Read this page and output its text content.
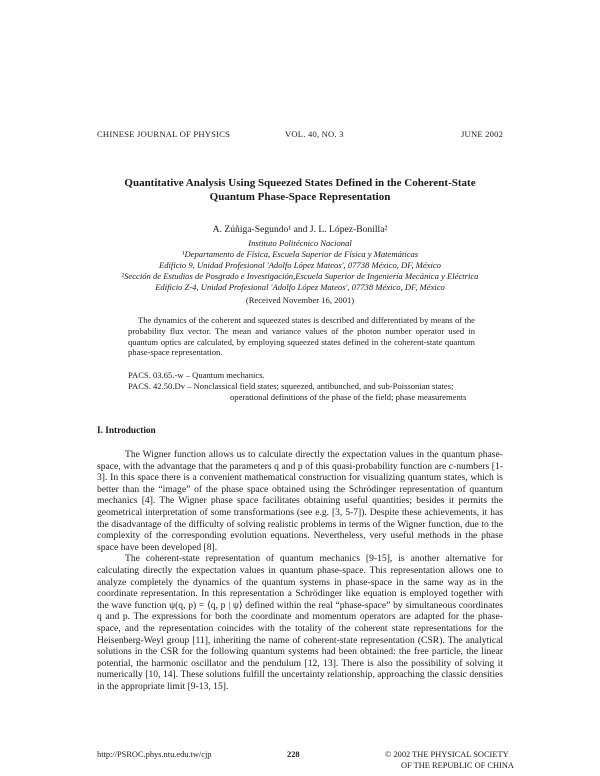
CHINESE JOURNAL OF PHYSICS	VOL. 40, NO. 3	JUNE 2002
Quantitative Analysis Using Squeezed States Defined in the Coherent-State
Quantum Phase-Space Representation
A. Zúñiga-Segundo¹ and J. L. López-Bonilla²
Instituto Politécnico Nacional
¹Departamento de Física, Escuela Superior de Física y Matemáticas
Edificio 9, Unidad Profesional 'Adolfo López Mateos', 07738 México, DF, México
²Sección de Estudios de Posgrado e Investigación,Escuela Superior de Ingeniería Mecánica y Eléctrica
Edificio Z-4, Unidad Profesional 'Adolfo López Mateos', 07738 México, DF, México
(Received November 16, 2001)
The dynamics of the coherent and squeezed states is described and differentiated by means of the probability flux vector. The mean and variance values of the photon number operator used in quantum optics are calculated, by employing squeezed states defined in the coherent-state quantum phase-space representation.
PACS. 03.65.-w – Quantum mechanics.
PACS. 42.50.Dv – Nonclassical field states; squeezed, antibunched, and sub-Poissonian states;
operational definitions of the phase of the field; phase measurements
I. Introduction

The Wigner function allows us to calculate directly the expectation values in the quantum phase-space, with the advantage that the parameters q and p of this quasi-probability function are c-numbers [1-3]. In this space there is a convenient mathematical construction for visualizing quantum states, which is better than the “image” of the phase space obtained using the Schrödinger representation of quantum mechanics [4]. The Wigner phase space facilitates obtaining useful quantities; besides it permits the geometrical interpretation of some transformations (see e.g. [3, 5-7]). Despite these achievements, it has the disadvantage of the difficulty of solving realistic problems in terms of the Wigner function, due to the complexity of the corresponding evolution equations. Nevertheless, very useful methods in the phase space have been developed [8].

The coherent-state representation of quantum mechanics [9-15], is another alternative for calculating directly the expectation values in quantum phase-space. This representation allows one to analyze completely the dynamics of the quantum systems in phase-space in the same way as in the coordinate representation. In this representation a Schrödinger like equation is employed together with the wave function ψ(q, p) = ⟨q, p | ψ⟩ defined within the real “phase-space” by simultaneous coordinates q and p. The expressions for both the coordinate and momentum operators are adapted for the phase-space, and the representation coincides with the totality of the coherent state representations for the Heisenberg-Weyl group [11], inheriting the name of coherent-state representation (CSR). The analytical solutions in the CSR for the following quantum systems had been obtained: the free particle, the linear potential, the harmonic oscillator and the pendulum [12, 13]. There is also the possibility of solving it numerically [10, 14]. These solutions fulfill the uncertainty relationship, approaching the classic densities in the appropriate limit [9-13, 15].

http://PSROC.phys.ntu.edu.tw/cjp	228	© 2002 THE PHYSICAL SOCIETY
OF THE REPUBLIC OF CHINA
